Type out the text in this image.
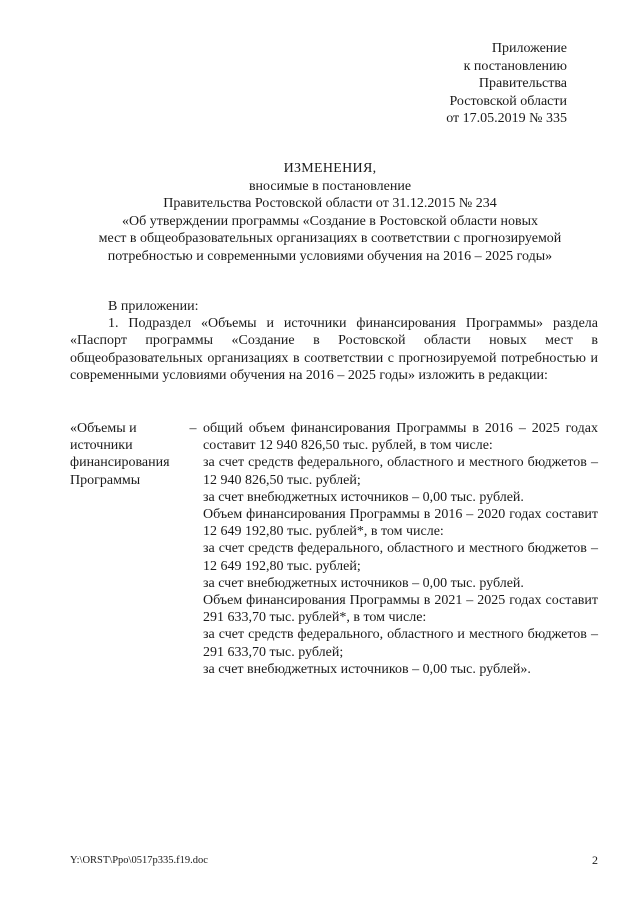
Приложение
к постановлению
Правительства
Ростовской области
от 17.05.2019 № 335
ИЗМЕНЕНИЯ,
вносимые в постановление
Правительства Ростовской области от 31.12.2015 № 234
«Об утверждении программы «Создание в Ростовской области новых
мест в общеобразовательных организациях в соответствии с прогнозируемой
потребностью и современными условиями обучения на 2016 – 2025 годы»
В приложении:
1. Подраздел «Объемы и источники финансирования Программы» раздела «Паспорт программы «Создание в Ростовской области новых мест в общеобразовательных организациях в соответствии с прогнозируемой потребностью и современными условиями обучения на 2016 – 2025 годы» изложить в редакции:
«Объемы и
источники
финансирования
Программы
– общий объем финансирования Программы в 2016 – 2025 годах составит 12 940 826,50 тыс. рублей, в том числе:

за счет средств федерального, областного и местного бюджетов – 12 940 826,50 тыс. рублей;

за счет внебюджетных источников – 0,00 тыс. рублей.

Объем финансирования Программы в 2016 – 2020 годах составит 12 649 192,80 тыс. рублей*, в том числе:

за счет средств федерального, областного и местного бюджетов – 12 649 192,80 тыс. рублей;

за счет внебюджетных источников – 0,00 тыс. рублей.

Объем финансирования Программы в 2021 – 2025 годах составит 291 633,70 тыс. рублей*, в том числе:

за счет средств федерального, областного и местного бюджетов – 291 633,70 тыс. рублей;

за счет внебюджетных источников – 0,00 тыс. рублей».

Y:\ORST\Ppo\0517p335.f19.doc	2
